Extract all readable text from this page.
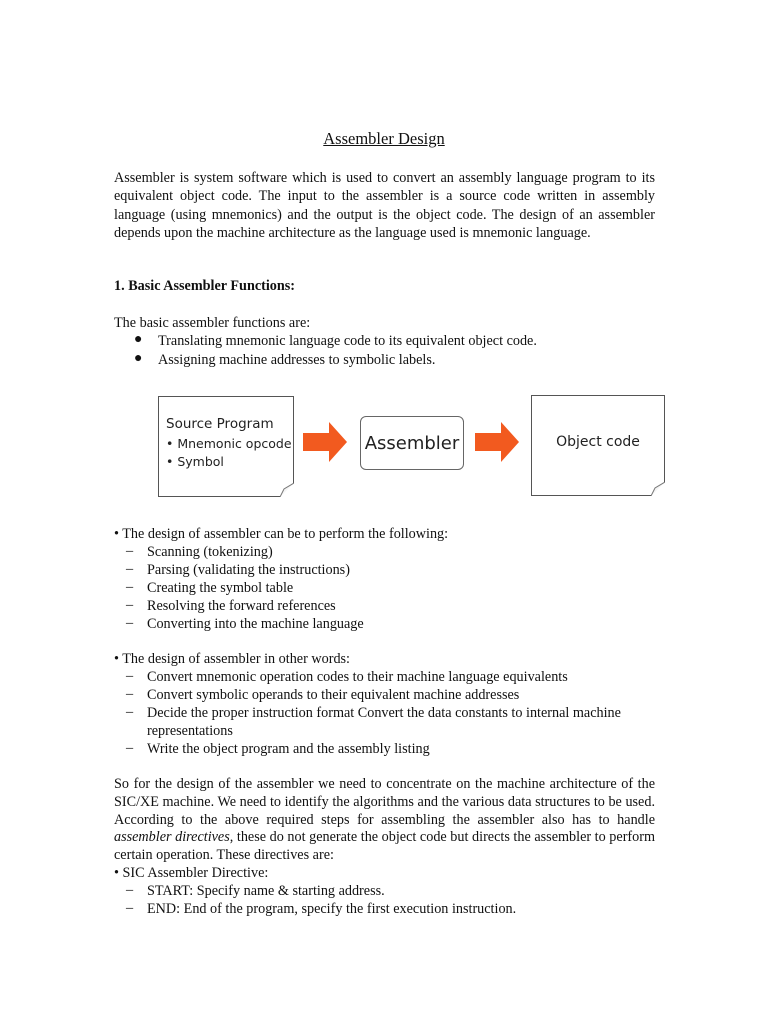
Assembler Design

Assembler is system software which is used to convert an assembly language program to its equivalent object code. The input to the assembler is a source code written in assembly language (using mnemonics) and the output is the object code. The design of an assembler depends upon the machine architecture as the language used is mnemonic language.

1. Basic Assembler Functions:
The basic assembler functions are:
● Translating mnemonic language code to its equivalent object code.
● Assigning machine addresses to symbolic labels.
Source Program
• Mnemonic opcode
• Symbol
Assembler	Object code
• The design of assembler can be to perform the following:
– Scanning (tokenizing)
– Parsing (validating the instructions)
– Creating the symbol table
– Resolving the forward references
– Converting into the machine language
• The design of assembler in other words:
– Convert mnemonic operation codes to their machine language equivalents
– Convert symbolic operands to their equivalent machine addresses
– Decide the proper instruction format Convert the data constants to internal machine
representations
– Write the object program and the assembly listing

So for the design of the assembler we need to concentrate on the machine architecture of the SIC/XE machine. We need to identify the algorithms and the various data structures to be used. According to the above required steps for assembling the assembler also has to handle assembler directives, these do not generate the object code but directs the assembler to perform certain operation. These directives are:

• SIC Assembler Directive:
– START: Specify name & starting address.
– END: End of the program, specify the first execution instruction.
